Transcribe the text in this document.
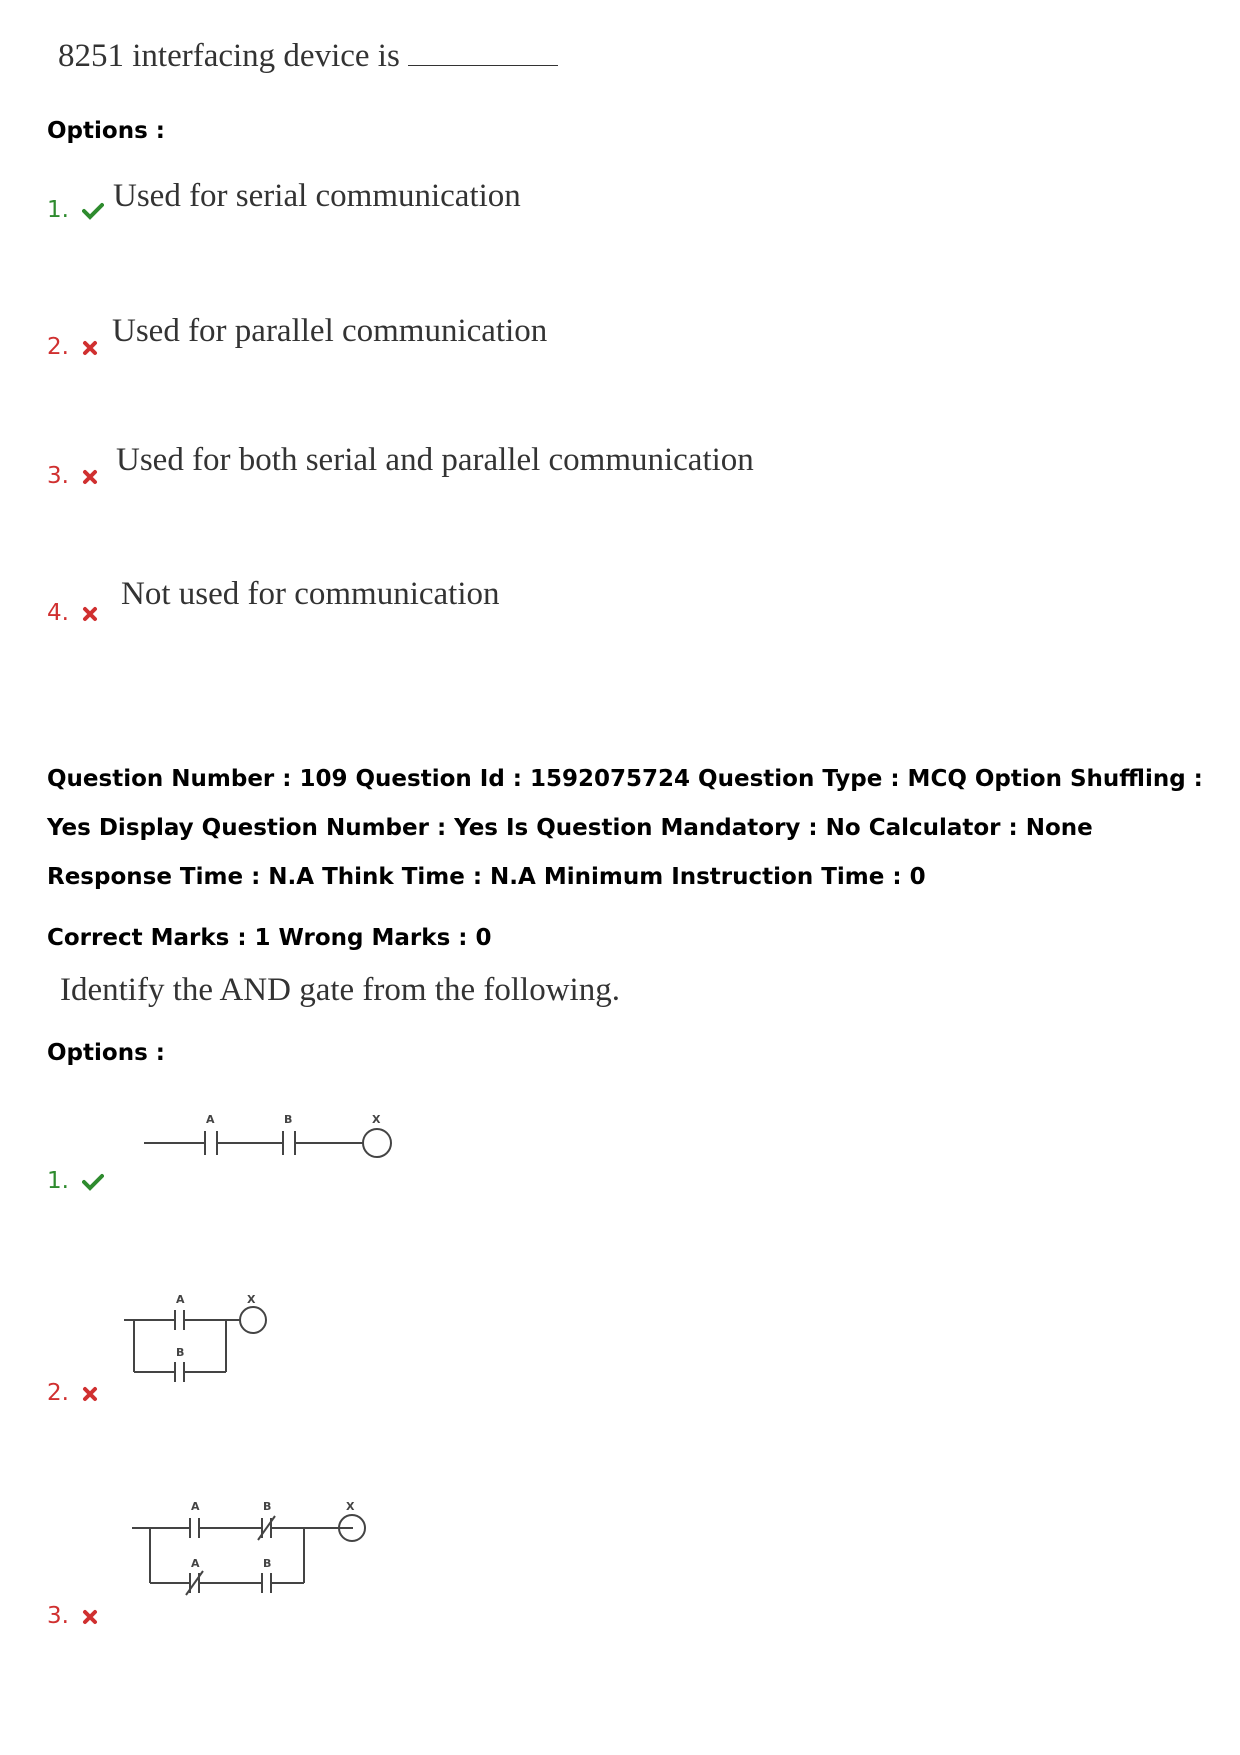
8251 interfacing device is
Options :
1.	Used for serial communication
2.	Used for parallel communication
3.	Used for both serial and parallel communication
4.
Not used for communication
Question Number : 109 Question Id : 1592075724 Question Type : MCQ Option Shuffling : Yes Display Question Number : Yes Is Question Mandatory : No Calculator : None Response Time : N.A Think Time : N.A Minimum Instruction Time : 0
Correct Marks : 1 Wrong Marks : 0
Identify the AND gate from the following.
Options :
1.
A	B	X
2.
A
B
X
3.
A	B	X
A	B
